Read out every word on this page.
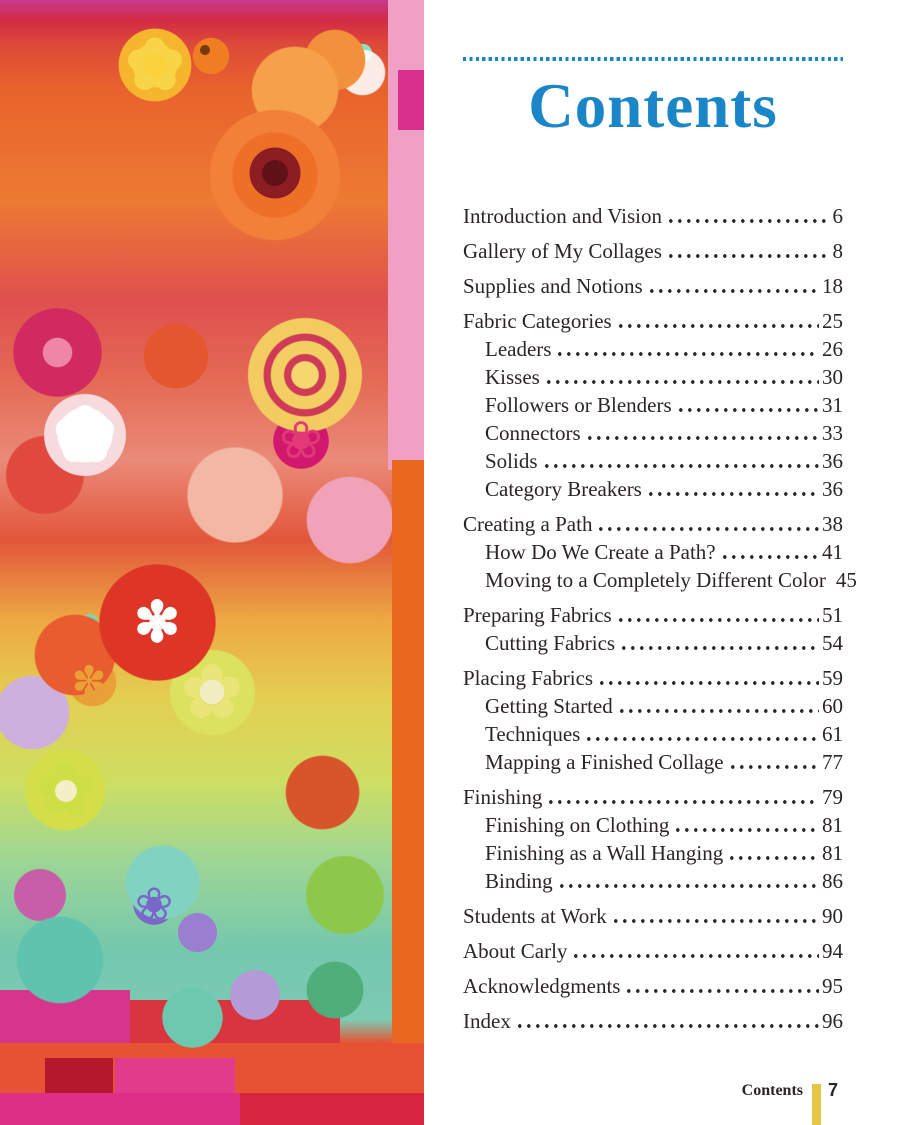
✿
❀	❀
✽
✿
✿
❀
✽
✿
Contents
Introduction and Vision	6
Gallery of My Collages	8
Supplies and Notions	18
Fabric Categories	25
Leaders	26
Kisses	30
Followers or Blenders	31
Connectors	33
Solids	36
Category Breakers	36
Creating a Path	38
How Do We Create a Path?	41
Moving to a Completely Different Color 45
Preparing Fabrics	51
Cutting Fabrics	54
Placing Fabrics	59
Getting Started	60
Techniques	61
Mapping a Finished Collage	77
Finishing	79
Finishing on Clothing	81
Finishing as a Wall Hanging	81
Binding	86
Students at Work	90
About Carly	94
Acknowledgments	95
Index	96
Contents	7
